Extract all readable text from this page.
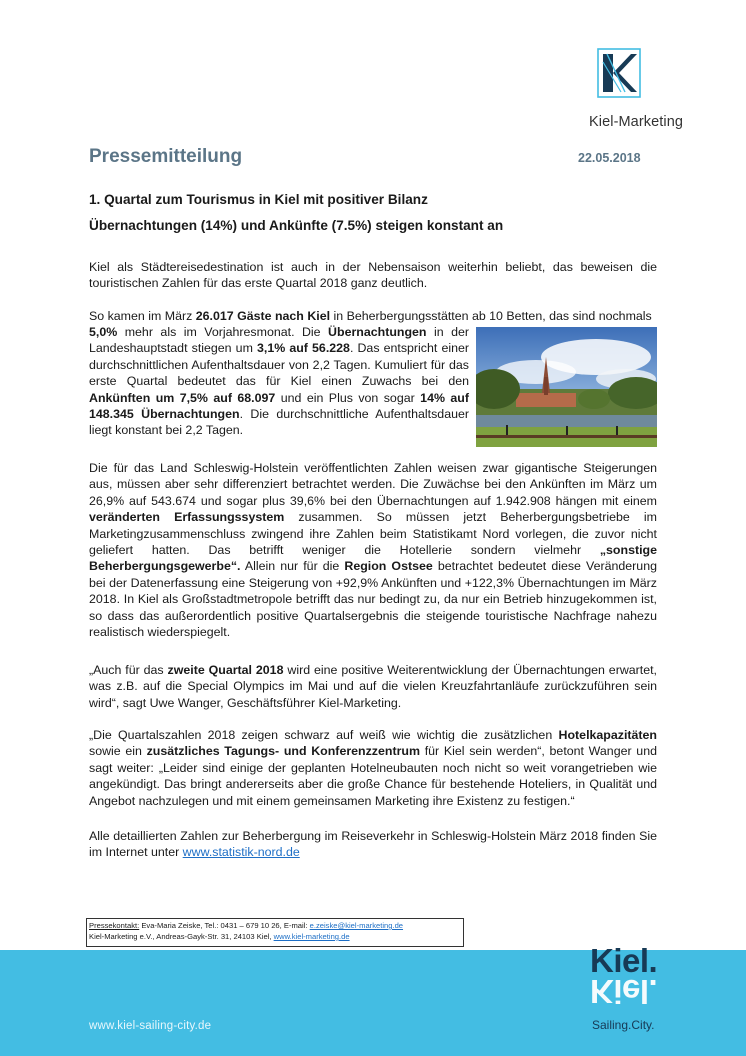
Kiel-Marketing
Pressemitteilung	22.05.2018
1. Quartal zum Tourismus in Kiel mit positiver Bilanz
Übernachtungen (14%) und Ankünfte (7.5%) steigen konstant an

Kiel als Städtereisedestination ist auch in der Nebensaison weiterhin beliebt, das beweisen die touristischen Zahlen für das erste Quartal 2018 ganz deutlich.

So kamen im März 26.017 Gäste nach Kiel in Beherbergungsstätten ab 10 Betten, das sind nochmals

5,0% mehr als im Vorjahresmonat. Die Übernachtungen in der Landeshauptstadt stiegen um 3,1% auf 56.228. Das entspricht einer durchschnittlichen Aufenthaltsdauer von 2,2 Tagen. Kumuliert für das erste Quartal bedeutet das für Kiel einen Zuwachs bei den Ankünften um 7,5% auf 68.097 und ein Plus von sogar 14% auf 148.345 Übernachtungen. Die durchschnittliche Aufenthaltsdauer liegt konstant bei 2,2 Tagen.

Die für das Land Schleswig-Holstein veröffentlichten Zahlen weisen zwar gigantische Steigerungen aus, müssen aber sehr differenziert betrachtet werden. Die Zuwächse bei den Ankünften im März um 26,9% auf 543.674 und sogar plus 39,6% bei den Übernachtungen auf 1.942.908 hängen mit einem veränderten Erfassungssystem zusammen. So müssen jetzt Beherbergungsbetriebe im Marketingzusammenschluss zwingend ihre Zahlen beim Statistikamt Nord vorlegen, die zuvor nicht geliefert hatten. Das betrifft weniger die Hotellerie sondern vielmehr „sonstige Beherbergungsgewerbe“. Allein nur für die Region Ostsee betrachtet bedeutet diese Veränderung bei der Datenerfassung eine Steigerung von +92,9% Ankünften und +122,3% Übernachtungen im März 2018. In Kiel als Großstadtmetropole betrifft das nur bedingt zu, da nur ein Betrieb hinzugekommen ist, so dass das außerordentlich positive Quartalsergebnis die steigende touristische Nachfrage nahezu realistisch wiederspiegelt.

„Auch für das zweite Quartal 2018 wird eine positive Weiterentwicklung der Übernachtungen erwartet, was z.B. auf die Special Olympics im Mai und auf die vielen Kreuzfahrtanläufe zurückzuführen sein wird“, sagt Uwe Wanger, Geschäftsführer Kiel-Marketing.

„Die Quartalszahlen 2018 zeigen schwarz auf weiß wie wichtig die zusätzlichen Hotelkapazitäten sowie ein zusätzliches Tagungs- und Konferenzzentrum für Kiel sein werden“, betont Wanger und sagt weiter: „Leider sind einige der geplanten Hotelneubauten noch nicht so weit vorangetrieben wie angekündigt. Das bringt andererseits aber die große Chance für bestehende Hoteliers, in Qualität und Angebot nachzulegen und mit einem gemeinsamen Marketing ihre Existenz zu festigen.“

Alle detaillierten Zahlen zur Beherbergung im Reiseverkehr in Schleswig-Holstein März 2018 finden Sie im Internet unter www.statistik-nord.de

Pressekontakt: Eva-Maria Zeiske, Tel.: 0431 – 679 10 26, E-mail: e.zeiske@kiel-marketing.de
Kiel-Marketing e.V., Andreas-Gayk-Str. 31, 24103 Kiel, www.kiel-marketing.de
www.kiel-sailing-city.de
Kiel.
Kiel.
Sailing.City.
